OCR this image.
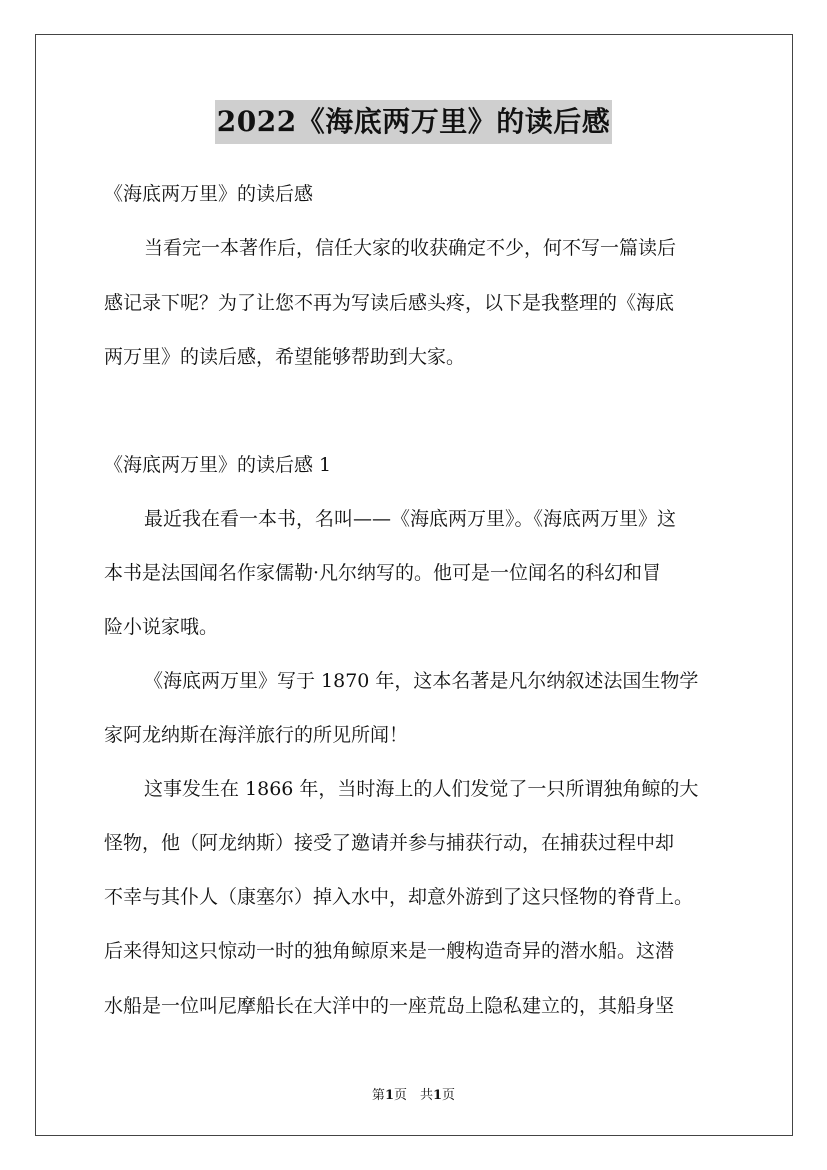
2022《海底两万里》的读后感
《海底两万里》的读后感
当看完一本著作后，信任大家的收获确定不少，何不写一篇读后
感记录下呢？为了让您不再为写读后感头疼，以下是我整理的《海底
两万里》的读后感，希望能够帮助到大家。
《海底两万里》的读后感 1
最近我在看一本书，名叫——《海底两万里》。《海底两万里》这
本书是法国闻名作家儒勒·凡尔纳写的。他可是一位闻名的科幻和冒
险小说家哦。
《海底两万里》写于 1870 年，这本名著是凡尔纳叙述法国生物学
家阿龙纳斯在海洋旅行的所见所闻！
这事发生在 1866 年，当时海上的人们发觉了一只所谓独角鲸的大
怪物，他（阿龙纳斯）接受了邀请并参与捕获行动，在捕获过程中却
不幸与其仆人（康塞尔）掉入水中，却意外游到了这只怪物的脊背上。
后来得知这只惊动一时的独角鲸原来是一艘构造奇异的潜水船。这潜
水船是一位叫尼摩船长在大洋中的一座荒岛上隐私建立的，其船身坚
第1页　共1页
